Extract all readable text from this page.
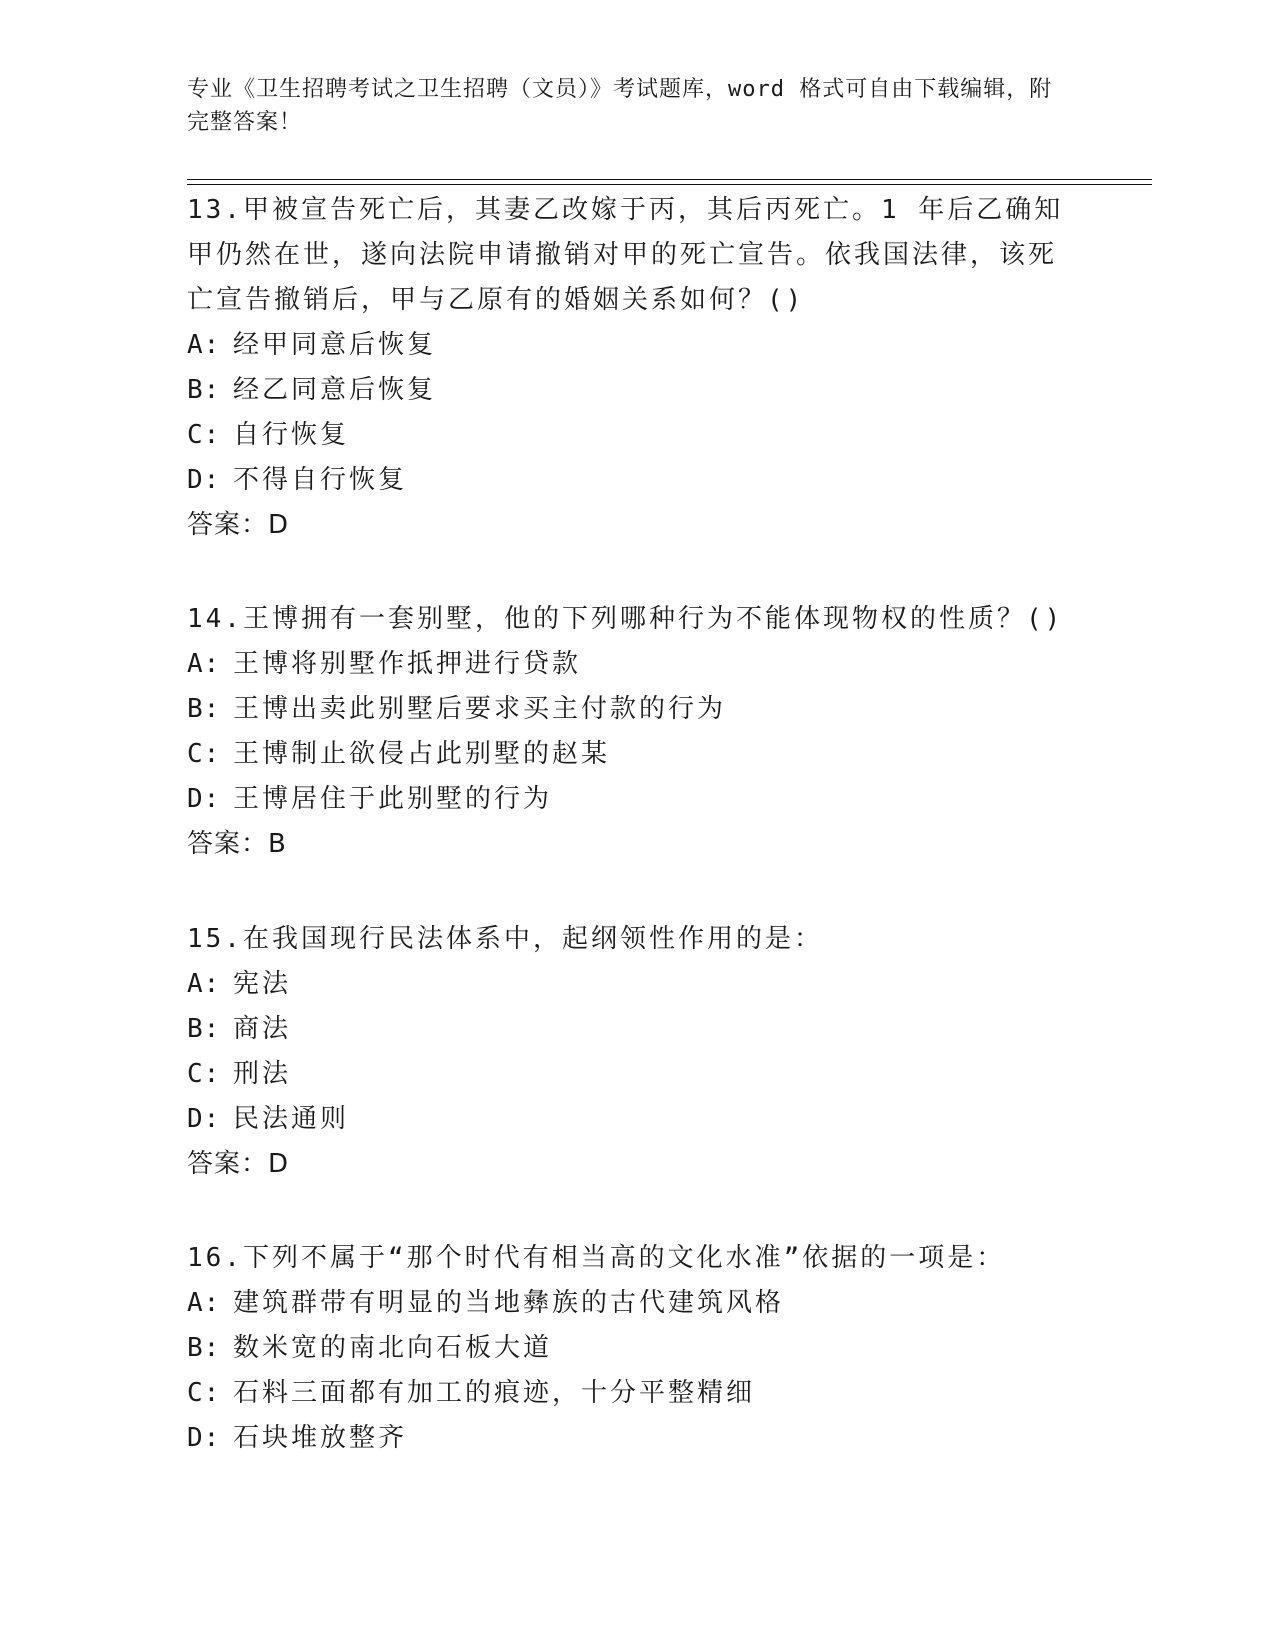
专业《卫生招聘考试之卫生招聘（文员）》考试题库，word 格式可自由下载编辑，附完整答案！

13.甲被宣告死亡后，其妻乙改嫁于丙，其后丙死亡。1 年后乙确知甲仍然在世，遂向法院申请撤销对甲的死亡宣告。依我国法律，该死亡宣告撤销后，甲与乙原有的婚姻关系如何？()

A: 经甲同意后恢复

B: 经乙同意后恢复

C: 自行恢复

D: 不得自行恢复

答案：D

14.王博拥有一套别墅，他的下列哪种行为不能体现物权的性质？()

A: 王博将别墅作抵押进行贷款

B: 王博出卖此别墅后要求买主付款的行为

C: 王博制止欲侵占此别墅的赵某

D: 王博居住于此别墅的行为

答案：B

15.在我国现行民法体系中，起纲领性作用的是：

A: 宪法

B: 商法

C: 刑法

D: 民法通则

答案：D

16.下列不属于“那个时代有相当高的文化水准”依据的一项是：

A: 建筑群带有明显的当地彝族的古代建筑风格

B: 数米宽的南北向石板大道

C: 石料三面都有加工的痕迹，十分平整精细

D: 石块堆放整齐
